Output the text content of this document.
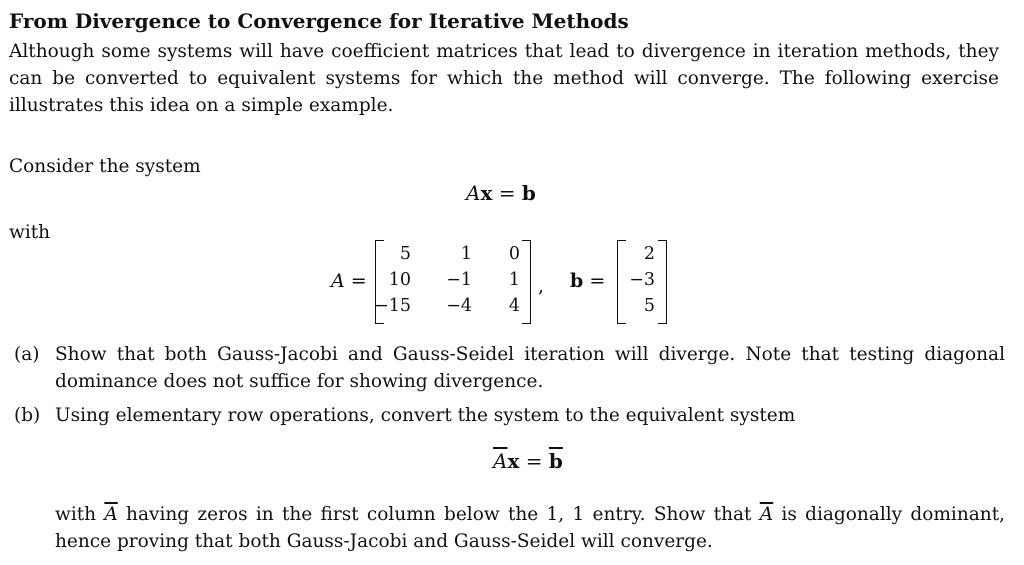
From Divergence to Convergence for Iterative Methods
Although some systems will have coefficient matrices that lead to divergence in iteration methods, they
can be converted to equivalent systems for which the method will converge. The following exercise
illustrates this idea on a simple example.
Consider the system
Ax = b
with
A =
5	1	0
10	−1	1
−15	−4	4
, b =
2
−3
5
(a) Show that both Gauss-Jacobi and Gauss-Seidel iteration will diverge. Note that testing diagonal
dominance does not suffice for showing divergence.
(b) Using elementary row operations, convert the system to the equivalent system
$\overline{A}x = \overline{b}$
with $\overline{A}$ having zeros in the first column below the 1, 1 entry. Show that $\overline{A}$ is diagonally dominant,
hence proving that both Gauss-Jacobi and Gauss-Seidel will converge.
